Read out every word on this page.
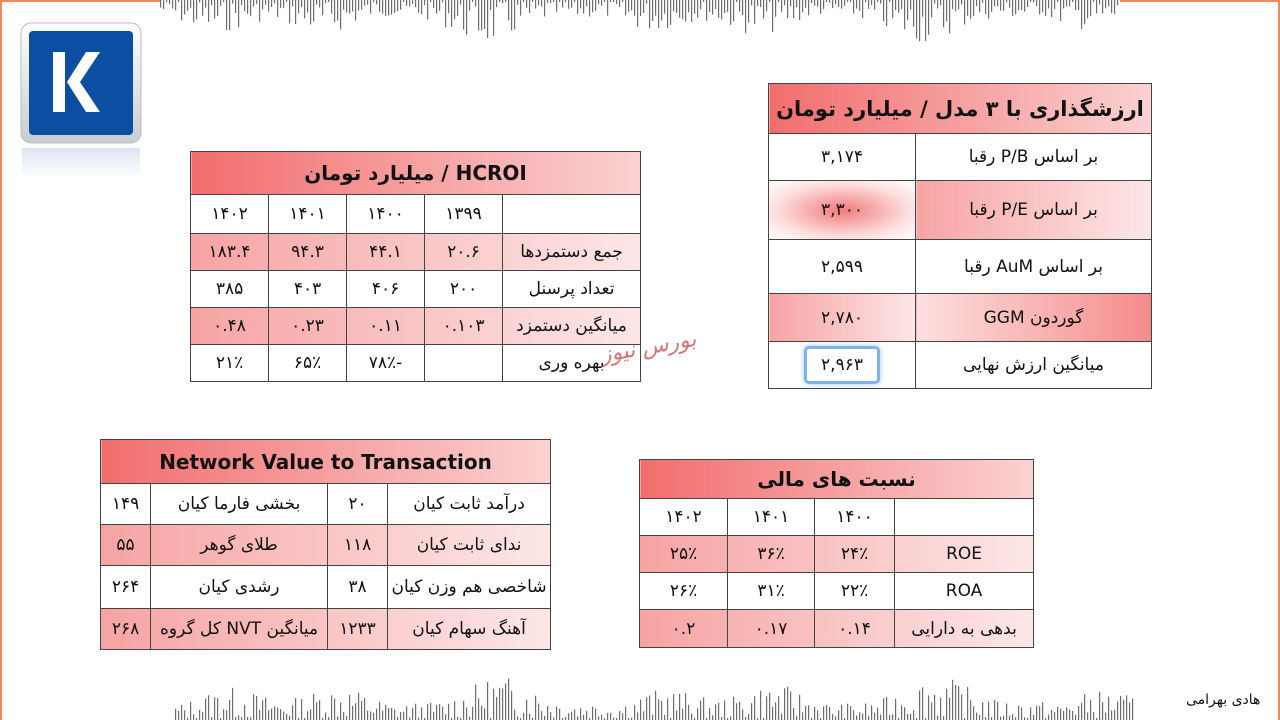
ارزشگذاری با ۳ مدل / میلیارد تومان	
بر اساس P/B رقبا	۳,۱۷۴
بر اساس P/E رقبا	۳,۳۰۰
بر اساس AuM رقبا	۲,۵۹۹
گوردون GGM	۲,۷۸۰
میانگین ارزش نهایی	۲,۹۶۳
HCROI / میلیارد تومان				
	۱۳۹۹	۱۴۰۰	۱۴۰۱	۱۴۰۲
جمع دستمزدها	۲۰.۶	۴۴.۱	۹۴.۳	۱۸۳.۴
تعداد پرسنل	۲۰۰	۴۰۶	۴۰۳	۳۸۵
میانگین دستمزد	۰.۱۰۳	۰.۱۱	۰.۲۳	۰.۴۸
بهره وری		-۷۸٪	۶۵٪	۲۱٪	بورس نیوز
Network Value to Transaction			
درآمد ثابت کیان	۲۰	بخشی فارما کیان	۱۴۹
ندای ثابت کیان	۱۱۸	طلای گوهر	۵۵
شاخصی هم وزن کیان	۳۸	رشدی کیان	۲۶۴
آهنگ سهام کیان	۱۲۳۳	میانگین NVT کل گروه	۲۶۸
نسبت های مالی			
	۱۴۰۰	۱۴۰۱	۱۴۰۲
ROE	۲۴٪	۳۶٪	۲۵٪
ROA	۲۲٪	۳۱٪	۲۶٪
بدهی به دارایی	۰.۱۴	۰.۱۷	۰.۲
هادی بهرامی
